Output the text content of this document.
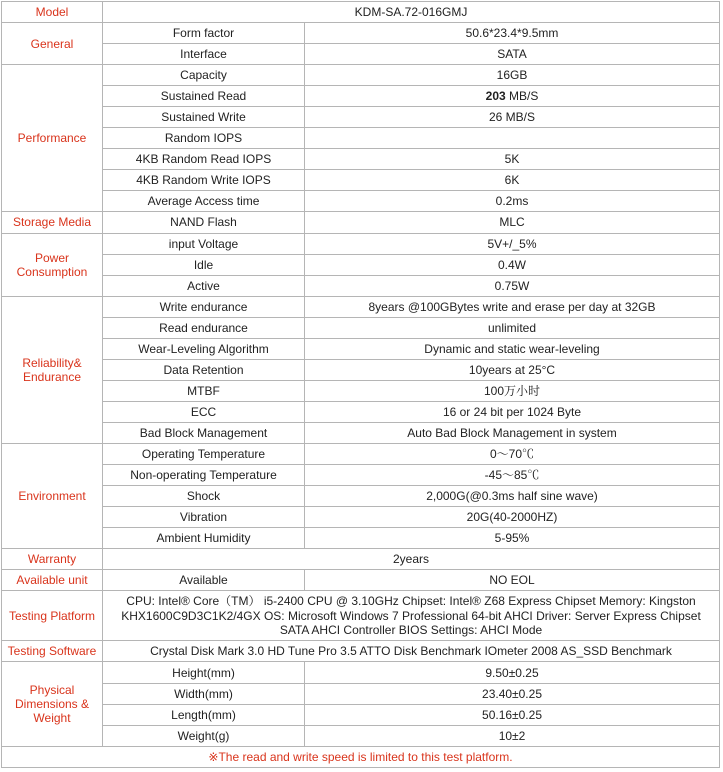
Model	KDM-SA.72-016GMJ	
General	Form factor	50.6*23.4*9.5mm
	Interface	SATA
Performance	Capacity	16GB
	Sustained Read	203 MB/S
	Sustained Write	26 MB/S
	Random IOPS	
	4KB Random Read IOPS	5K
	4KB Random Write IOPS	6K
	Average Access time	0.2ms
Storage Media	NAND Flash	MLC
Power
Consumption	input Voltage	5V+/_5%
	Idle	0.4W
	Active	0.75W
Reliability&
Endurance	Write endurance	8years @100GBytes write and erase per day at 32GB
	Read endurance	unlimited
	Wear-Leveling Algorithm	Dynamic and static wear-leveling
	Data Retention	10years at 25°C
	MTBF	100万小时
	ECC	16 or 24 bit per 1024 Byte
	Bad Block Management	Auto Bad Block Management in system
Environment	Operating Temperature	0～70℃
	Non-operating Temperature	-45～85℃
	Shock	2,000G(@0.3ms half sine wave)
	Vibration	20G(40-2000HZ)
	Ambient Humidity	5-95%
Warranty	2years	
Available unit	Available	NO EOL
Testing Platform	CPU: Intel® Core（TM） i5-2400 CPU @ 3.10GHz Chipset: Intel® Z68 Express Chipset Memory: Kingston
KHX1600C9D3C1K2/4GX OS: Microsoft Windows 7 Professional 64-bit AHCI Driver: Server Express Chipset
SATA AHCI Controller BIOS Settings: AHCI Mode	
Testing Software	Crystal Disk Mark 3.0 HD Tune Pro 3.5 ATTO Disk Benchmark IOmeter 2008 AS_SSD Benchmark	
Physical
Dimensions &
Weight	Height(mm)	9.50±0.25
	Width(mm)	23.40±0.25
	Length(mm)	50.16±0.25
	Weight(g)	10±2
※The read and write speed is limited to this test platform.		
